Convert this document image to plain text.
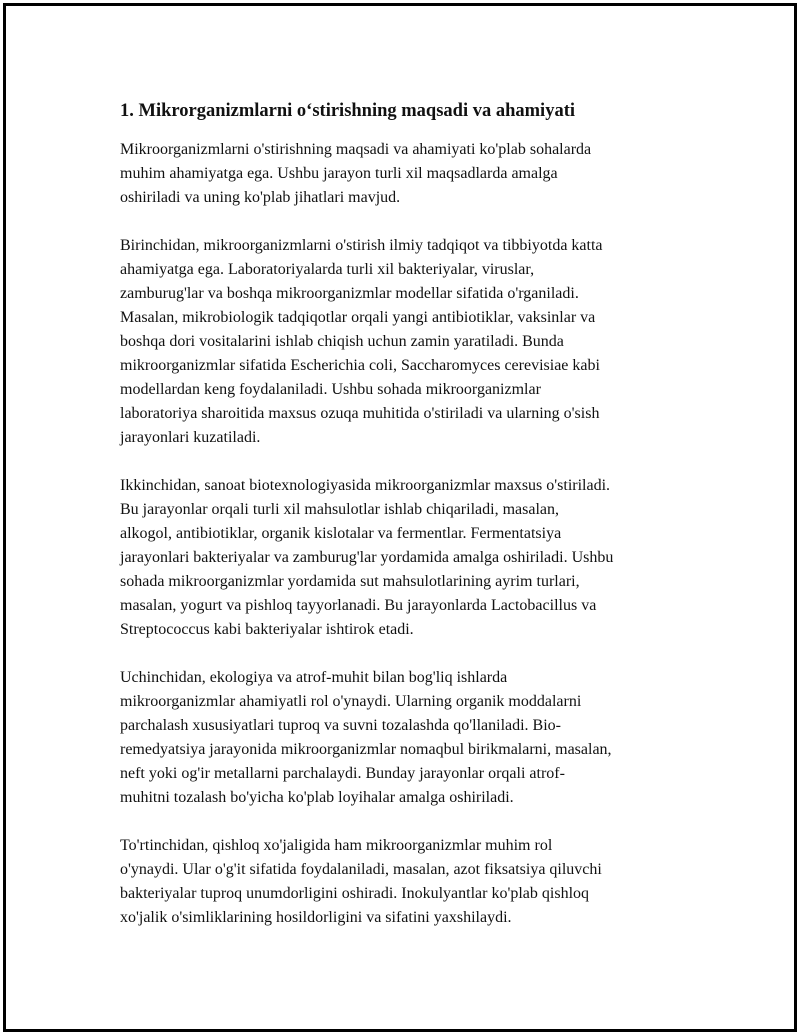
1. Mikrorganizmlarni o‘stirishning maqsadi va ahamiyati

Mikroorganizmlarni o'stirishning maqsadi va ahamiyati ko'plab sohalarda
muhim ahamiyatga ega. Ushbu jarayon turli xil maqsadlarda amalga
oshiriladi va uning ko'plab jihatlari mavjud.

Birinchidan, mikroorganizmlarni o'stirish ilmiy tadqiqot va tibbiyotda katta
ahamiyatga ega. Laboratoriyalarda turli xil bakteriyalar, viruslar,
zamburug'lar va boshqa mikroorganizmlar modellar sifatida o'rganiladi.
Masalan, mikrobiologik tadqiqotlar orqali yangi antibiotiklar, vaksinlar va
boshqa dori vositalarini ishlab chiqish uchun zamin yaratiladi. Bunda
mikroorganizmlar sifatida Escherichia coli, Saccharomyces cerevisiae kabi
modellardan keng foydalaniladi. Ushbu sohada mikroorganizmlar
laboratoriya sharoitida maxsus ozuqa muhitida o'stiriladi va ularning o'sish
jarayonlari kuzatiladi.

Ikkinchidan, sanoat biotexnologiyasida mikroorganizmlar maxsus o'stiriladi.
Bu jarayonlar orqali turli xil mahsulotlar ishlab chiqariladi, masalan,
alkogol, antibiotiklar, organik kislotalar va fermentlar. Fermentatsiya
jarayonlari bakteriyalar va zamburug'lar yordamida amalga oshiriladi. Ushbu
sohada mikroorganizmlar yordamida sut mahsulotlarining ayrim turlari,
masalan, yogurt va pishloq tayyorlanadi. Bu jarayonlarda Lactobacillus va
Streptococcus kabi bakteriyalar ishtirok etadi.

Uchinchidan, ekologiya va atrof-muhit bilan bog'liq ishlarda
mikroorganizmlar ahamiyatli rol o'ynaydi. Ularning organik moddalarni
parchalash xususiyatlari tuproq va suvni tozalashda qo'llaniladi. Bio-
remedyatsiya jarayonida mikroorganizmlar nomaqbul birikmalarni, masalan,
neft yoki og'ir metallarni parchalaydi. Bunday jarayonlar orqali atrof-
muhitni tozalash bo'yicha ko'plab loyihalar amalga oshiriladi.

To'rtinchidan, qishloq xo'jaligida ham mikroorganizmlar muhim rol
o'ynaydi. Ular o'g'it sifatida foydalaniladi, masalan, azot fiksatsiya qiluvchi
bakteriyalar tuproq unumdorligini oshiradi. Inokulyantlar ko'plab qishloq
xo'jalik o'simliklarining hosildorligini va sifatini yaxshilaydi.
